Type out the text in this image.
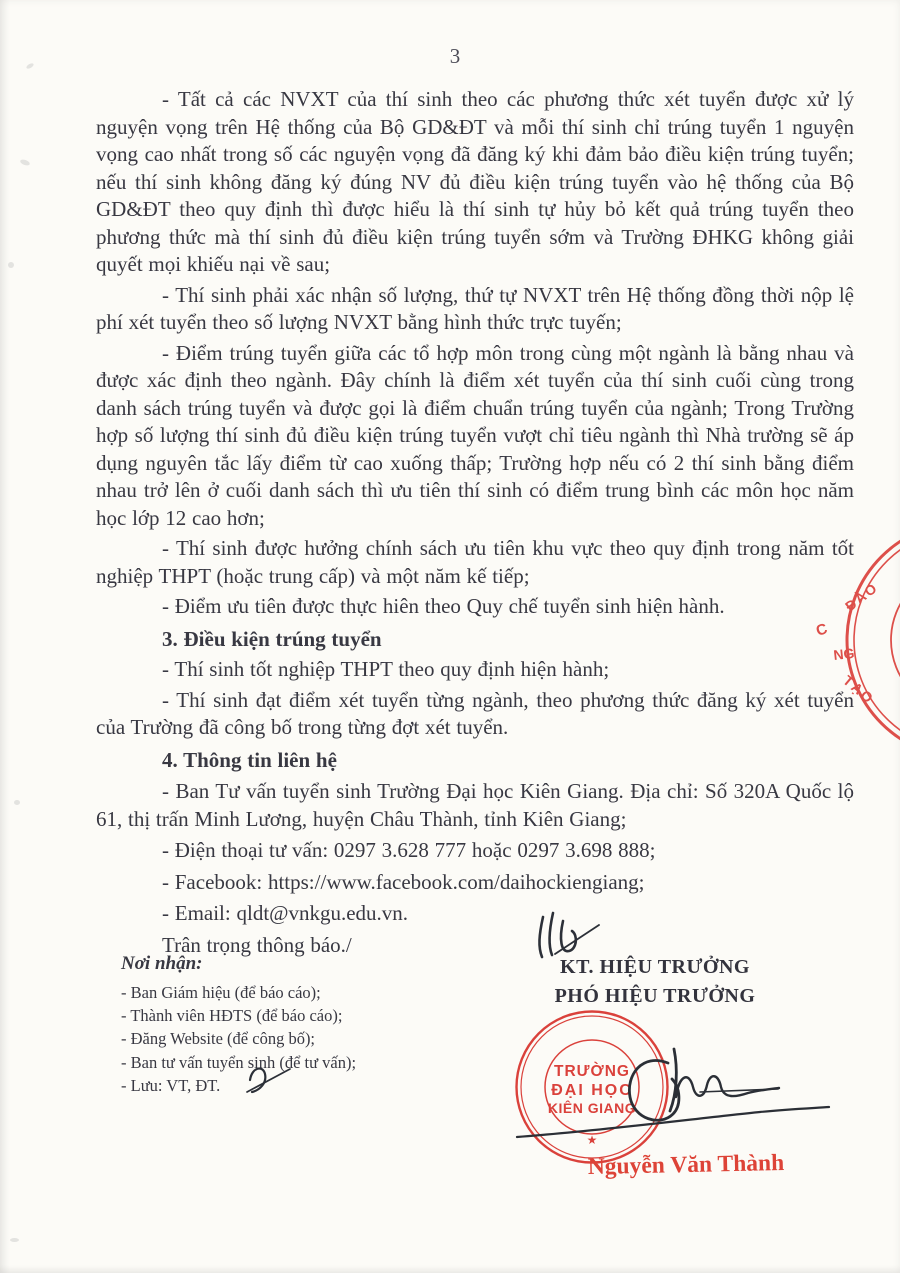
3

- Tất cả các NVXT của thí sinh theo các phương thức xét tuyển được xử lý nguyện vọng trên Hệ thống của Bộ GD&ĐT và mỗi thí sinh chỉ trúng tuyển 1 nguyện vọng cao nhất trong số các nguyện vọng đã đăng ký khi đảm bảo điều kiện trúng tuyển; nếu thí sinh không đăng ký đúng NV đủ điều kiện trúng tuyển vào hệ thống của Bộ GD&ĐT theo quy định thì được hiểu là thí sinh tự hủy bỏ kết quả trúng tuyển theo phương thức mà thí sinh đủ điều kiện trúng tuyển sớm và Trường ĐHKG không giải quyết mọi khiếu nại về sau;

- Thí sinh phải xác nhận số lượng, thứ tự NVXT trên Hệ thống đồng thời nộp lệ phí xét tuyển theo số lượng NVXT bằng hình thức trực tuyến;

- Điểm trúng tuyển giữa các tổ hợp môn trong cùng một ngành là bằng nhau và được xác định theo ngành. Đây chính là điểm xét tuyển của thí sinh cuối cùng trong danh sách trúng tuyển và được gọi là điểm chuẩn trúng tuyển của ngành; Trong Trường hợp số lượng thí sinh đủ điều kiện trúng tuyển vượt chỉ tiêu ngành thì Nhà trường sẽ áp dụng nguyên tắc lấy điểm từ cao xuống thấp; Trường hợp nếu có 2 thí sinh bằng điểm nhau trở lên ở cuối danh sách thì ưu tiên thí sinh có điểm trung bình các môn học năm học lớp 12 cao hơn;

- Thí sinh được hưởng chính sách ưu tiên khu vực theo quy định trong năm tốt nghiệp THPT (hoặc trung cấp) và một năm kế tiếp;

- Điểm ưu tiên được thực hiên theo Quy chế tuyển sinh hiện hành.

3. Điều kiện trúng tuyển

- Thí sinh tốt nghiệp THPT theo quy định hiện hành;

- Thí sinh đạt điểm xét tuyển từng ngành, theo phương thức đăng ký xét tuyển của Trường đã công bố trong từng đợt xét tuyển.

4. Thông tin liên hệ

- Ban Tư vấn tuyển sinh Trường Đại học Kiên Giang. Địa chỉ: Số 320A Quốc lộ 61, thị trấn Minh Lương, huyện Châu Thành, tỉnh Kiên Giang;

- Điện thoại tư vấn: 0297 3.628 777 hoặc 0297 3.698 888;

- Facebook: https://www.facebook.com/daihockiengiang;

- Email: qldt@vnkgu.edu.vn.

Trân trọng thông báo./

Nơi nhận:
- Ban Giám hiệu (để báo cáo);
- Thành viên HĐTS (để báo cáo);
- Đăng Website (để công bố);
- Ban tư vấn tuyển sinh (để tư vấn);
- Lưu: VT, ĐT.
KT. HIỆU TRƯỞNG
PHÓ HIỆU TRƯỞNG
TRƯỜNG
ĐẠI HỌC
KIÊN GIANG
★
Nguyễn Văn Thành
ĐÀO
TẠO
C
NG
